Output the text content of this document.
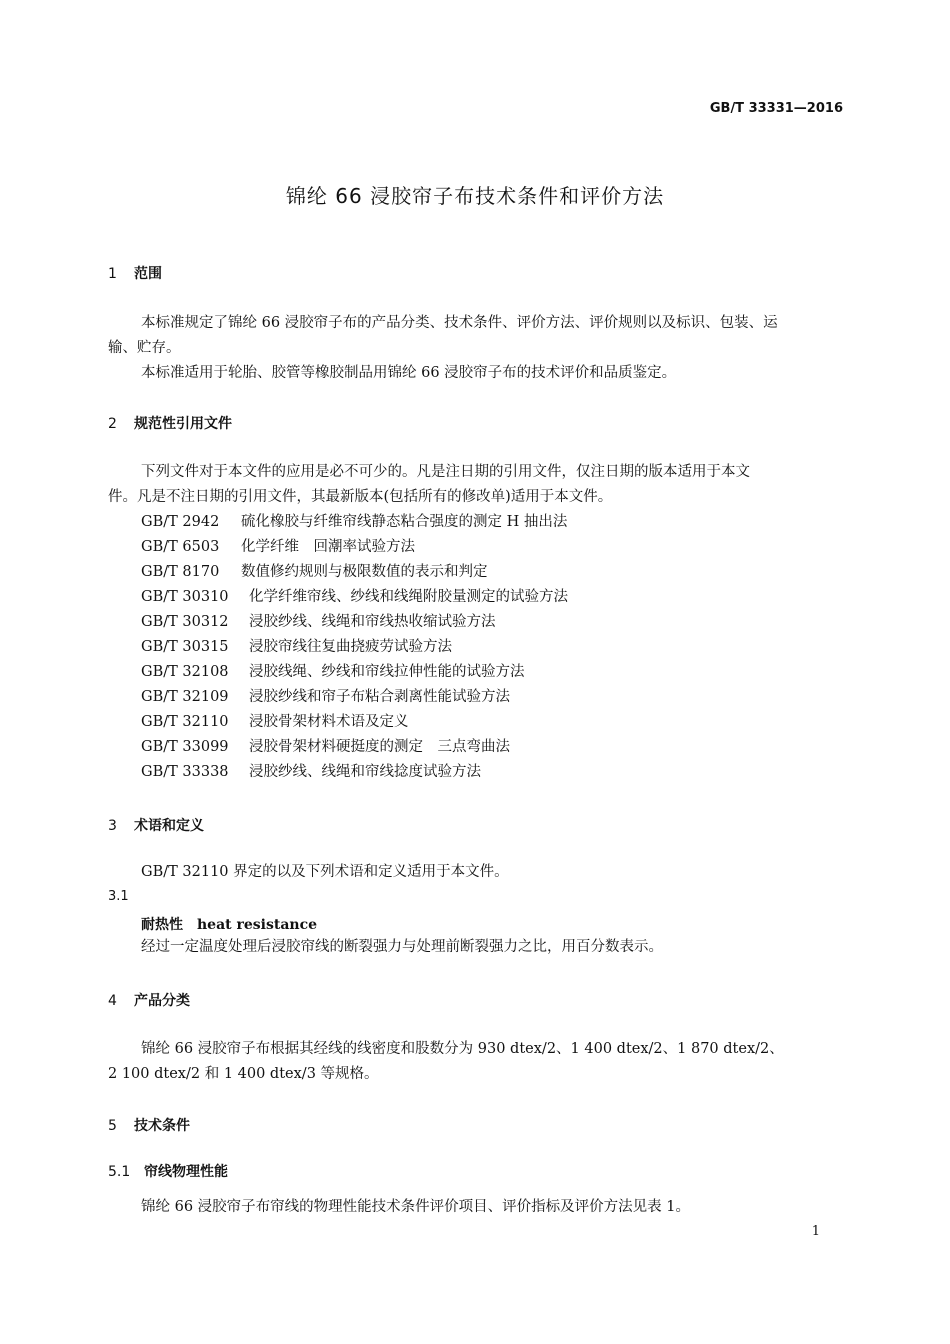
GB/T 33331—2016
锦纶 66 浸胶帘子布技术条件和评价方法
1 范围
本标准规定了锦纶 66 浸胶帘子布的产品分类、技术条件、评价方法、评价规则以及标识、包装、运
输、贮存。
本标准适用于轮胎、胶管等橡胶制品用锦纶 66 浸胶帘子布的技术评价和品质鉴定。
2 规范性引用文件
下列文件对于本文件的应用是必不可少的。凡是注日期的引用文件，仅注日期的版本适用于本文
件。凡是不注日期的引用文件，其最新版本(包括所有的修改单)适用于本文件。
GB/T 2942 硫化橡胶与纤维帘线静态粘合强度的测定 H 抽出法
GB/T 6503 化学纤维　回潮率试验方法
GB/T 8170 数值修约规则与极限数值的表示和判定
GB/T 30310 化学纤维帘线、纱线和线绳附胶量测定的试验方法
GB/T 30312 浸胶纱线、线绳和帘线热收缩试验方法
GB/T 30315 浸胶帘线往复曲挠疲劳试验方法
GB/T 32108 浸胶线绳、纱线和帘线拉伸性能的试验方法
GB/T 32109 浸胶纱线和帘子布粘合剥离性能试验方法
GB/T 32110 浸胶骨架材料术语及定义
GB/T 33099 浸胶骨架材料硬挺度的测定　三点弯曲法
GB/T 33338 浸胶纱线、线绳和帘线捻度试验方法
3 术语和定义
GB/T 32110 界定的以及下列术语和定义适用于本文件。
3.1
耐热性 heat resistance
经过一定温度处理后浸胶帘线的断裂强力与处理前断裂强力之比，用百分数表示。
4 产品分类
锦纶 66 浸胶帘子布根据其经线的线密度和股数分为 930 dtex/2、1 400 dtex/2、1 870 dtex/2、
2 100 dtex/2 和 1 400 dtex/3 等规格。
5 技术条件
5.1 帘线物理性能
锦纶 66 浸胶帘子布帘线的物理性能技术条件评价项目、评价指标及评价方法见表 1。
1
